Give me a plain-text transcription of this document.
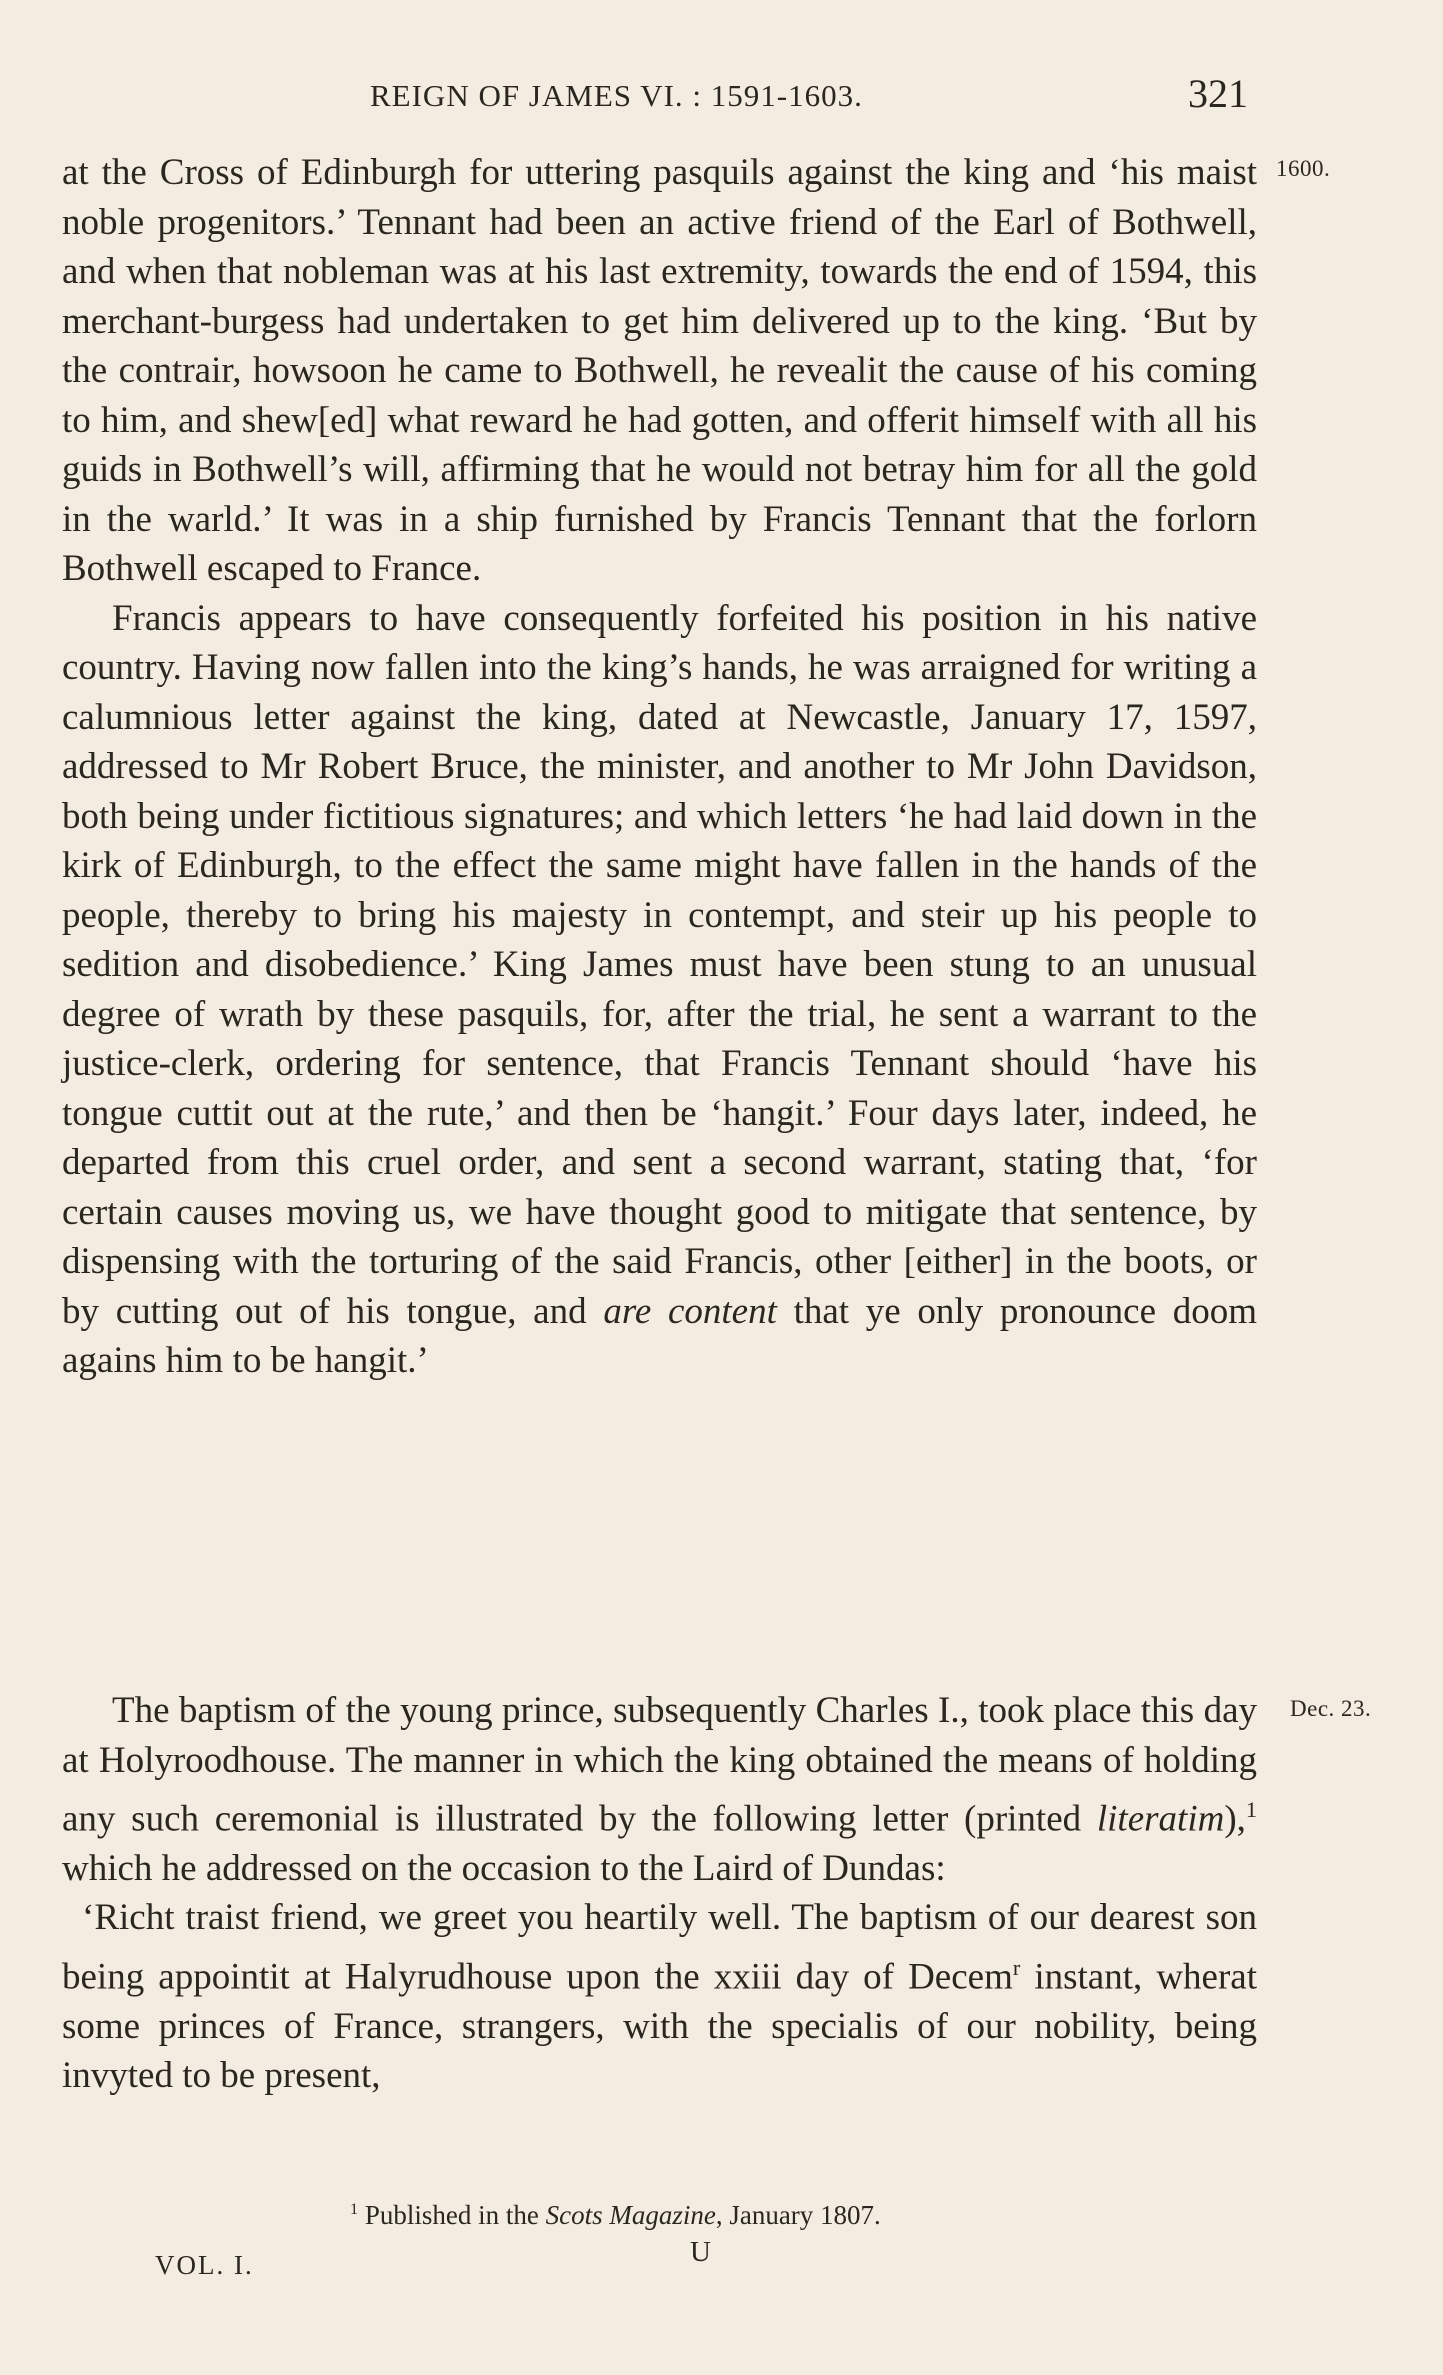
REIGN OF JAMES VI. : 1591-1603.	321
1600.
Dec. 23.

at the Cross of Edinburgh for uttering pasquils against the king and ‘his maist noble progenitors.’ Tennant had been an active friend of the Earl of Bothwell, and when that nobleman was at his last extremity, towards the end of 1594, this merchant-burgess had undertaken to get him delivered up to the king. ‘But by the contrair, howsoon he came to Bothwell, he revealit the cause of his coming to him, and shew[ed] what reward he had gotten, and offerit himself with all his guids in Bothwell’s will, affirming that he would not betray him for all the gold in the warld.’ It was in a ship furnished by Francis Tennant that the forlorn Bothwell escaped to France.

Francis appears to have consequently forfeited his position in his native country. Having now fallen into the king’s hands, he was arraigned for writing a calumnious letter against the king, dated at Newcastle, January 17, 1597, addressed to Mr Robert Bruce, the minister, and another to Mr John Davidson, both being under fictitious signatures; and which letters ‘he had laid down in the kirk of Edinburgh, to the effect the same might have fallen in the hands of the people, thereby to bring his majesty in contempt, and steir up his people to sedition and disobedience.’ King James must have been stung to an unusual degree of wrath by these pasquils, for, after the trial, he sent a warrant to the justice-clerk, ordering for sentence, that Francis Tennant should ‘have his tongue cuttit out at the rute,’ and then be ‘hangit.’ Four days later, indeed, he departed from this cruel order, and sent a second warrant, stating that, ‘for certain causes moving us, we have thought good to mitigate that sentence, by dispensing with the torturing of the said Francis, other [either] in the boots, or by cutting out of his tongue, and are content that ye only pronounce doom agains him to be hangit.’

The baptism of the young prince, subsequently Charles I., took place this day at Holyroodhouse. The manner in which the king obtained the means of holding any such ceremonial is illustrated by the following letter (printed literatim),$^1$ which he addressed on the occasion to the Laird of Dundas:

‘Richt traist friend, we greet you heartily well. The baptism of our dearest son being appointit at Halyrudhouse upon the xxiii day of Decem$^r$ instant, wherat some princes of France, strangers, with the specialis of our nobility, being invyted to be present,

$^1$ Published in the Scots Magazine, January 1807.
VOL. I.	U
